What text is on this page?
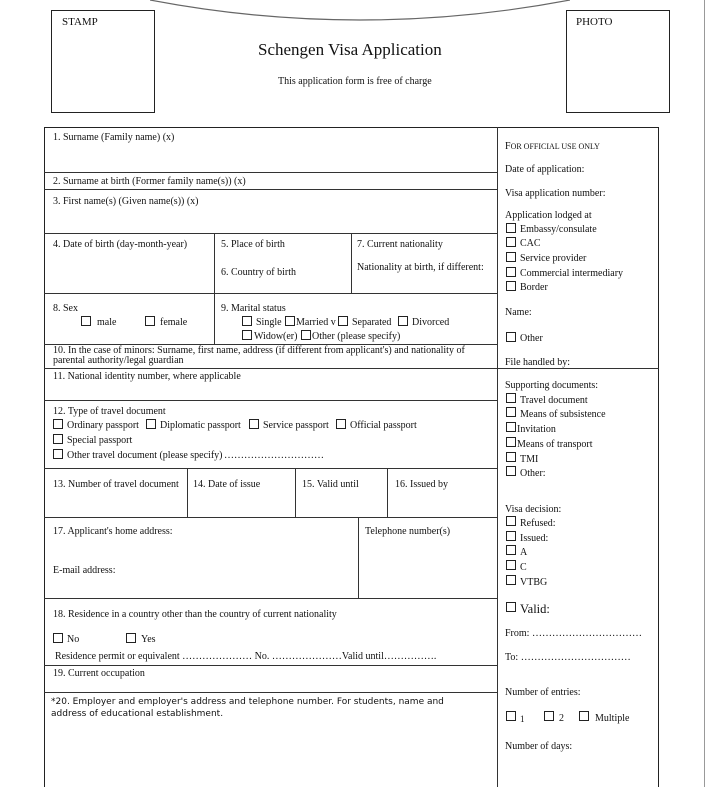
STAMP	PHOTO
Schengen Visa Application
This application form is free of charge
1. Surname (Family name) (x)
2. Surname at birth (Former family name(s)) (x)
3. First name(s) (Given name(s)) (x)
4. Date of birth (day-month-year)	5. Place of birth
6. Country of birth
7. Current nationality
Nationality at birth, if different:
8. Sex
male	female
9. Marital status
Single Married v Separated Divorced
Widow(er) Other (please specify)
10. In the case of minors: Surname, first name, address (if different from applicant's) and nationality of parental authority/legal guardian
11. National identity number, where applicable
12. Type of travel document
Ordinary passport Diplomatic passport Service passport Official passport
Special passport
Other travel document (please specify) …………………………
13. Number of travel document	14. Date of issue	15. Valid until	16. Issued by
17. Applicant's home address:
E-mail address:
Telephone number(s)
18. Residence in a country other than the country of current nationality
No	Yes
Residence permit or equivalent ………………… No. …………………Valid until…………….
19. Current occupation
*20. Employer and employer's address and telephone number. For students, name and address of educational establishment.
FOR OFFICIAL USE ONLY
Date of application:
Visa application number:
Application lodged at
Embassy/consulate
CAC
Service provider
Commercial intermediary
Border
Name:
Other
File handled by:
Supporting documents:
Travel document
Means of subsistence
Invitation
Means of transport
TMI
Other:
Visa decision:
Refused:
Issued:
A
C
VTBG
Valid:
From: ……………………………
To: ……………………………
Number of entries:
1	2	Multiple
Number of days:
